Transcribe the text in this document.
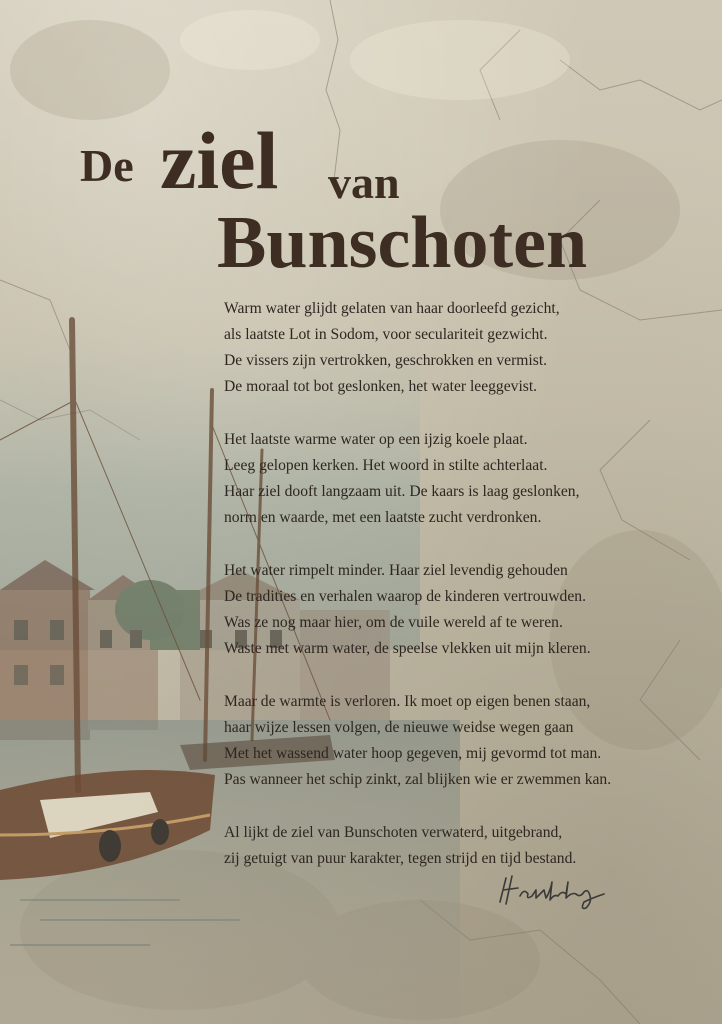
De ziel van
Bunschoten
Warm water glijdt gelaten van haar doorleefd gezicht,
als laatste Lot in Sodom, voor seculariteit gezwicht.
De vissers zijn vertrokken, geschrokken en vermist.
De moraal tot bot geslonken, het water leeggevist.
Het laatste warme water op een ijzig koele plaat.
Leeg gelopen kerken. Het woord in stilte achterlaat.
Haar ziel dooft langzaam uit. De kaars is laag geslonken,
norm en waarde, met een laatste zucht verdronken.
Het water rimpelt minder. Haar ziel levendig gehouden
De tradities en verhalen waarop de kinderen vertrouwden.
Was ze nog maar hier, om de vuile wereld af te weren.
Waste met warm water, de speelse vlekken uit mijn kleren.
Maar de warmte is verloren. Ik moet op eigen benen staan,
haar wijze lessen volgen, de nieuwe weidse wegen gaan
Met het wassend water hoop gegeven, mij gevormd tot man.
Pas wanneer het schip zinkt, zal blijken wie er zwemmen kan.
Al lijkt de ziel van Bunschoten verwaterd, uitgebrand,
zij getuigt van puur karakter, tegen strijd en tijd bestand.
